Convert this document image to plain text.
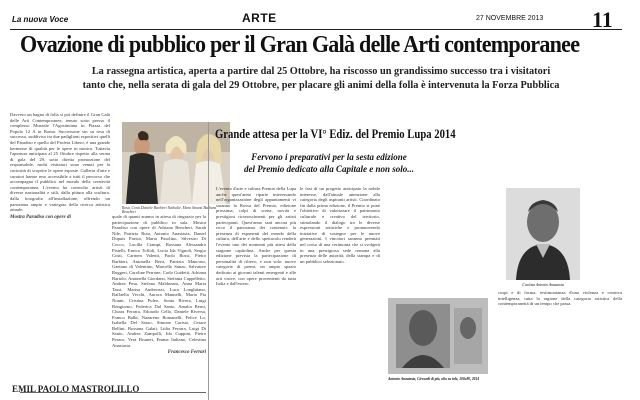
La nuova Voce	ARTE	27 NOVEMBRE 2013 11
Ovazione di pubblico per il Gran Galà delle Arti contemporanee
La rassegna artistica, aperta a partire dal 25 Ottobre, ha riscosso un grandissimo successo tra i visitatori
tanto che, nella serata di gala del 29 Ottobre, per placare gli animi della folla è intervenuta la Forza Pubblica
Davvero un bagno di folla si poi definire il Gran Galà delle Arti Contemporanee, tenuto sotto presso il complesso Museale l'Agostiniana in Piazza del Popolo 12 A in Roma. Successone sin su resa di successo, suddiviso tra due padiglioni espositivi quelli del Paradiso e quello del Profeta Libero, è una grande kermesse di qualità per le opere in mostra. Tuttavia l'apertura anticipata al 25 Ottobre rispetto alla serata di gala del 29, sotto diretta promozione del responsabile, molti visitatori sono venuti per la curiosità di scoprire le opere esposte. Galleria d'arte e curatori hanno reso accessibile a tutti il percorso che accompagna il pubblico nel mondo della creatività contemporanea. L'evento ha coinvolto artisti di diverse nazionalità e stili, dalla pittura alla scultura, dalla fotografia all'installazione, offrendo un panorama ampio e variegato della ricerca artistica attuale.
Mostra Paradiso con opere di
Rosa, Conti Daniele Barbieri Nathalie, Mara Strazzi Barbara Bencheri
quale di quanti aranno in attesa di ringrazio per la partecipazione di pubblico in sala. Mostra Paradiso con opere di Adriana Bencheri, Sarah Nile, Patrizia Rota, Antonio Anastasia, Daniel Dupuis Paesio, Maria Pasolino, Silvestro Di Cocco, Lucilla Ciampi, Rossana Alessandro Pistelli, Enrico Toffoli, Lucia Ida Vignoli, Sergio Costi, Carmen Valenti, Paolo Rossi, Pietro Barbieri, Antonella Berti, Patrizia Mancuso, Gaetano di Valentino, Marcello Sanzo, Salvatore Ruggeri, Caroline Perrone, Carlo Guidetti, Adriana Bartolo, Antonella Giordano, Stefania Cappelletto, Andrea Pesa, Stefano Maldonato, Anna Maria Tassi, Marisa Andreozzi, Luca Longhitano, Raffaella Vecchi, Aurora Mannelli, Maria Pia Nonni, Cristina Puleo, Sonia Rivera, Luigi Bongiorno, Federica Dal Santo, Amalia Berni, Chiara Ferrara, Edoardo Cella, Daniele Riversa, Franco Balbi, Nazareno Romanelli, Felice Lo, Isabella Del Sasso, Simone Carisio, Cesare Bellini, Rossana Galati, Lidia Ferrara, Luigi Di Santo, Andrea Zampolli, Ida Cuppini, Pietro Pesaro, Vera Bruneri, Emma Italiano, Celestina Anastasia.
Francesco Ferrari
Grande attesa per la VI° Ediz. del Premio Lupa 2014
Fervono i preparativi per la sesta edizione
del Premio dedicato alla Capitale e non solo...
L'evento d'arte e cultura Premio della Lupa anche quest'anno riparte interessando nell'organizzazione degli appuntamenti vi saranno la Rossa del Premio, edizione prossima, colpi di scena, novità e prestigiosi riconoscimenti per gli artisti partecipanti. Quest'anno sarà ancora più ricco il panorama dei contenuti: la presenza di esponenti del mondo della cultura, dell'arte e dello spettacolo renderà l'evento uno dei momenti più attesi della stagione capitolina. Anche per questa edizione prevista la partecipazione di personalità di rilievo, e non solo: nuove categorie di premi, un ampio spazio dedicato ai giovani talenti emergenti e alle arti visive, con opere provenienti da tutta Italia e dall'estero.
le fasi di un progetto anticipato la nobile interesse, dall'attuale attenzione alla categoria degli aspiranti artisti. Coordinato fin dalla prima edizione, il Premio si pone l'obiettivo di valorizzare il patrimonio culturale e creativo del territorio, stimolando il dialogo tra le diverse espressioni artistiche e promuovendo iniziative di sostegno per le nuove generazioni. I vincitori saranno premiati nel corso di una cerimonia che si svolgerà in una prestigiosa sede romana alla presenza delle autorità, della stampa e di un pubblico selezionato.
L'artista Antonio Anastasia
cospi e di forma, testimonianza d'una violenza e creativa intelligenza, tutta la ragione della categoria artistica della contemporaneità di un tempo che passa.
Antonio Anastasia, Circondi di più, olio su tela, 100x80, 2014
EMIL PAOLO MASTROLILLO
